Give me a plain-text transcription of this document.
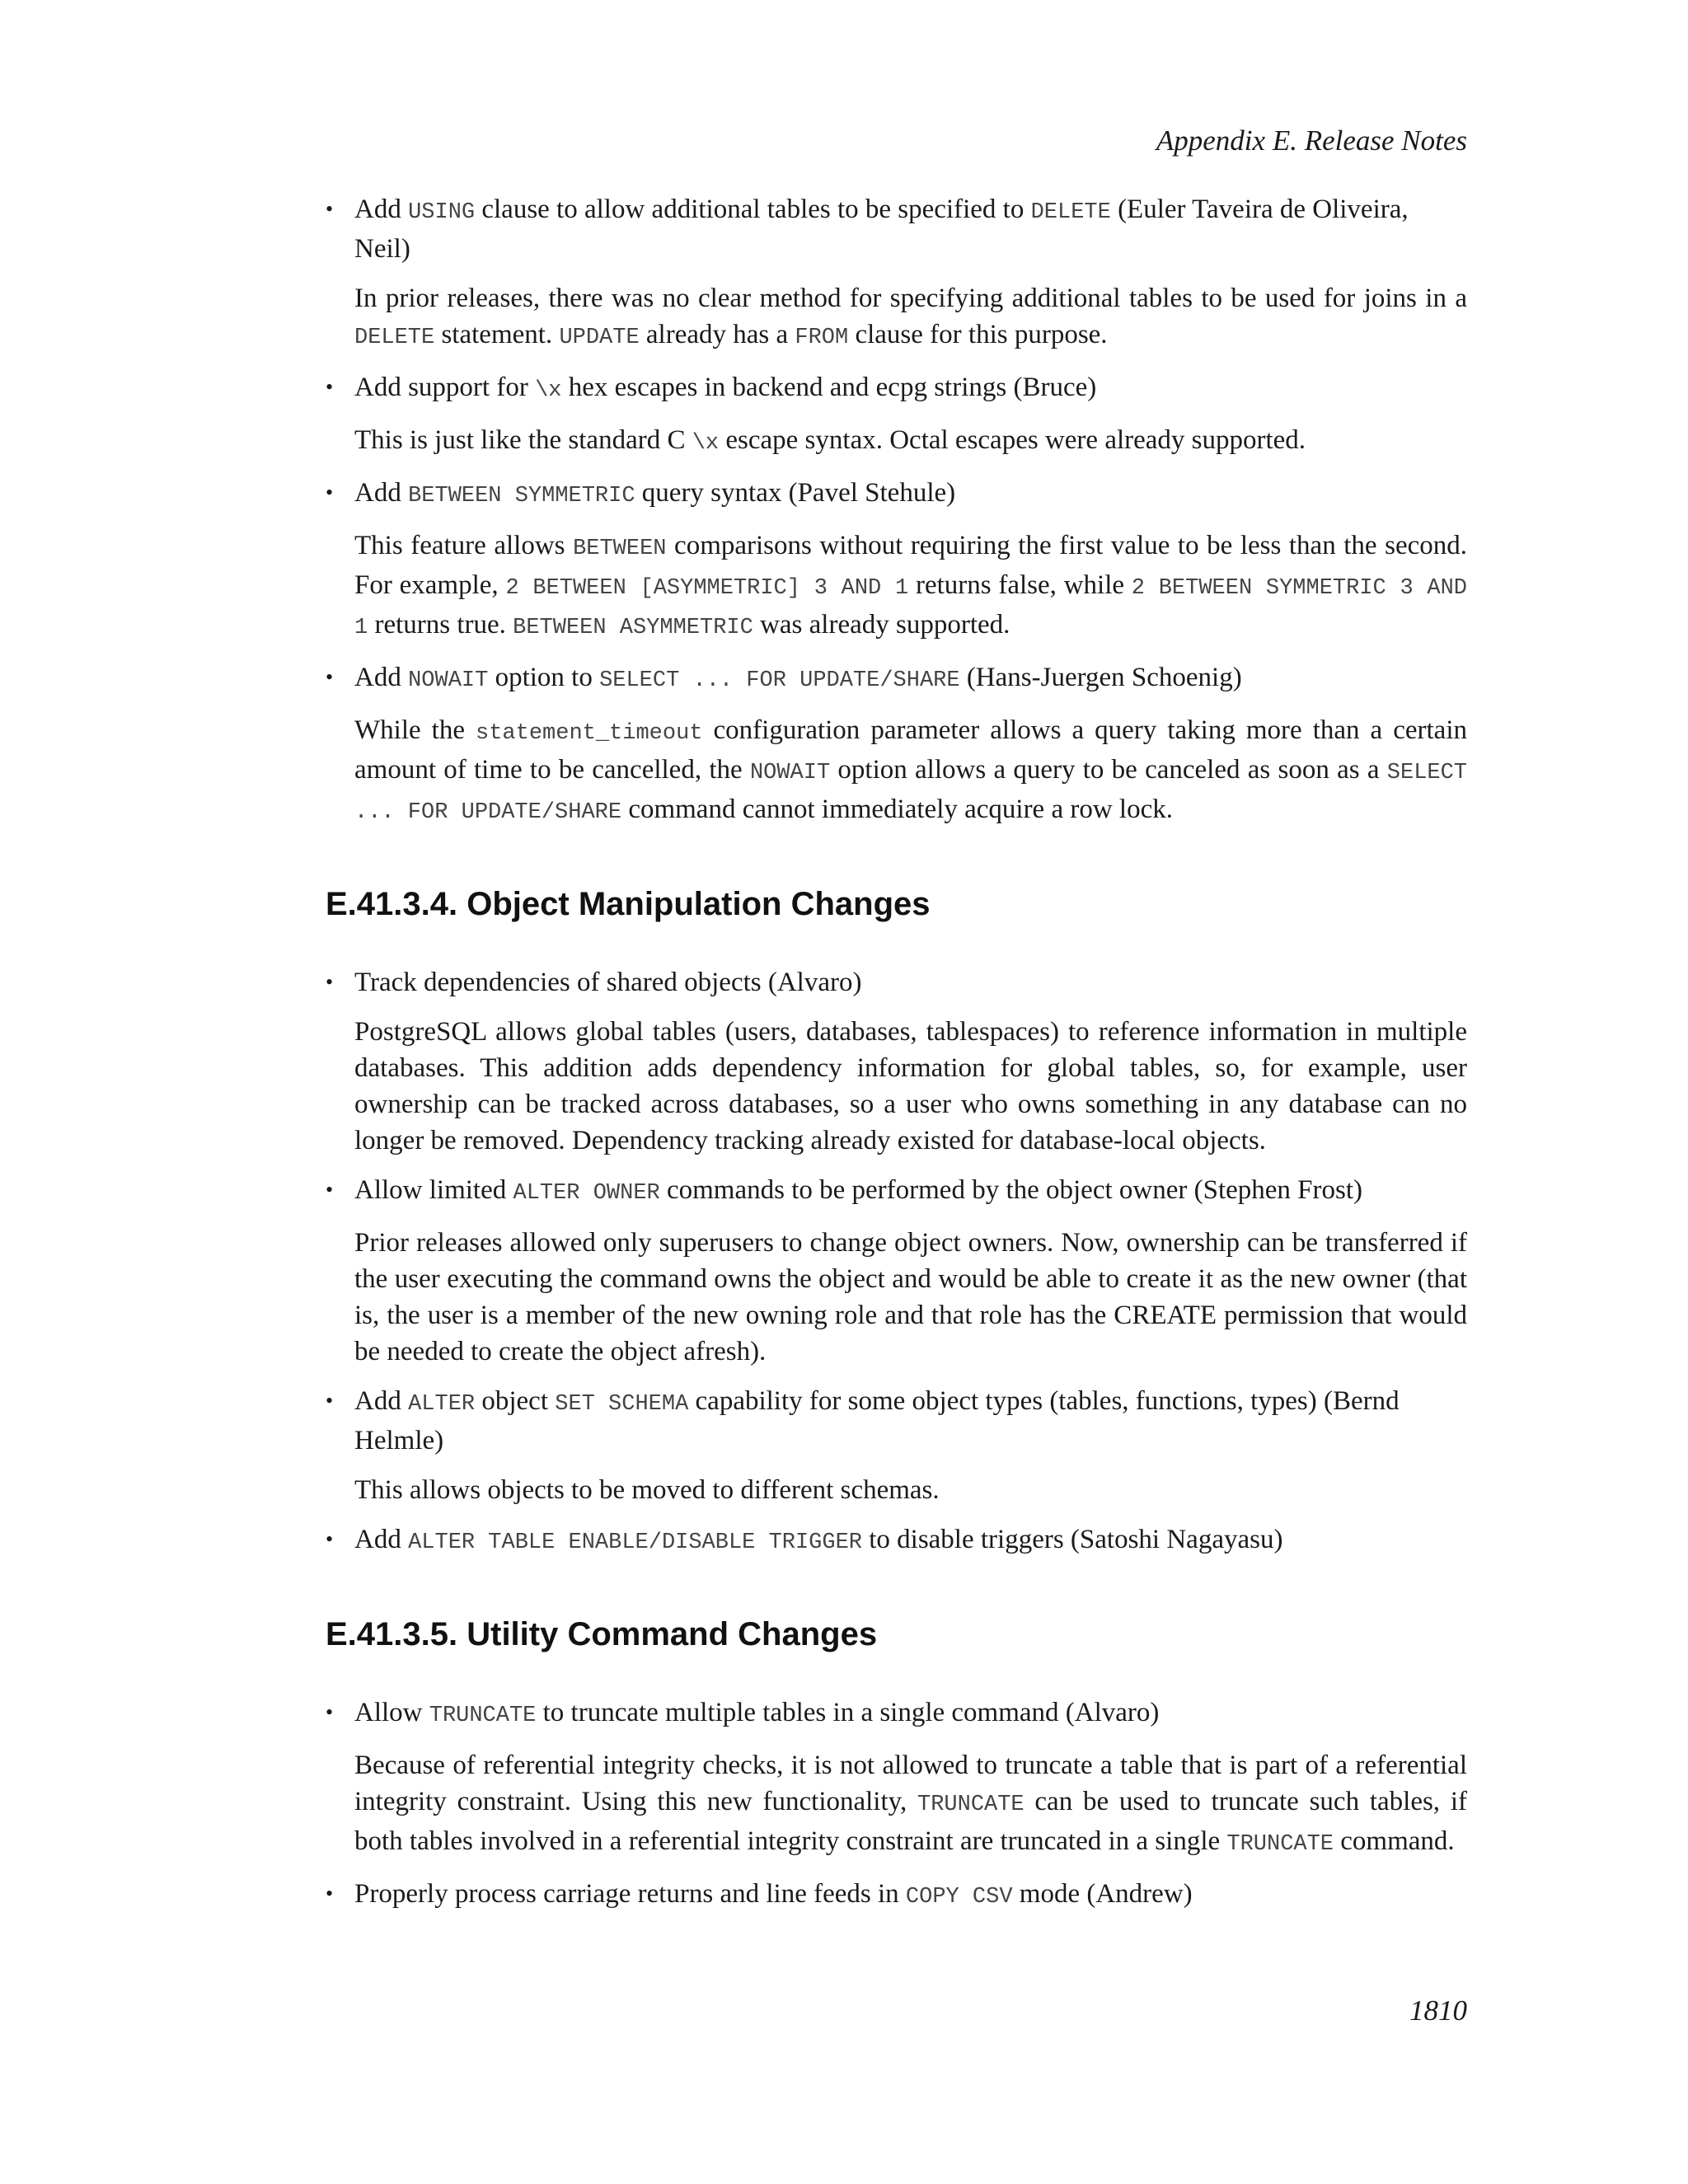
Appendix E. Release Notes
• Add USING clause to allow additional tables to be specified to DELETE (Euler Taveira de Oliveira, Neil)

In prior releases, there was no clear method for specifying additional tables to be used for joins in a DELETE statement. UPDATE already has a FROM clause for this purpose.

• Add support for \x hex escapes in backend and ecpg strings (Bruce)

This is just like the standard C \x escape syntax. Octal escapes were already supported.

• Add BETWEEN SYMMETRIC query syntax (Pavel Stehule)

This feature allows BETWEEN comparisons without requiring the first value to be less than the second. For example, 2 BETWEEN [ASYMMETRIC] 3 AND 1 returns false, while 2 BETWEEN SYMMETRIC 3 AND 1 returns true. BETWEEN ASYMMETRIC was already supported.

• Add NOWAIT option to SELECT ... FOR UPDATE/SHARE (Hans-Juergen Schoenig)

While the statement_timeout configuration parameter allows a query taking more than a certain amount of time to be cancelled, the NOWAIT option allows a query to be canceled as soon as a SELECT ... FOR UPDATE/SHARE command cannot immediately acquire a row lock.

E.41.3.4. Object Manipulation Changes
• Track dependencies of shared objects (Alvaro)

PostgreSQL allows global tables (users, databases, tablespaces) to reference information in multiple databases. This addition adds dependency information for global tables, so, for example, user ownership can be tracked across databases, so a user who owns something in any database can no longer be removed. Dependency tracking already existed for database-local objects.

• Allow limited ALTER OWNER commands to be performed by the object owner (Stephen Frost)

Prior releases allowed only superusers to change object owners. Now, ownership can be transferred if the user executing the command owns the object and would be able to create it as the new owner (that is, the user is a member of the new owning role and that role has the CREATE permission that would be needed to create the object afresh).

• Add ALTER object SET SCHEMA capability for some object types (tables, functions, types) (Bernd Helmle)

This allows objects to be moved to different schemas.

• Add ALTER TABLE ENABLE/DISABLE TRIGGER to disable triggers (Satoshi Nagayasu)

E.41.3.5. Utility Command Changes
• Allow TRUNCATE to truncate multiple tables in a single command (Alvaro)

Because of referential integrity checks, it is not allowed to truncate a table that is part of a referential integrity constraint. Using this new functionality, TRUNCATE can be used to truncate such tables, if both tables involved in a referential integrity constraint are truncated in a single TRUNCATE command.

• Properly process carriage returns and line feeds in COPY CSV mode (Andrew)

1810
